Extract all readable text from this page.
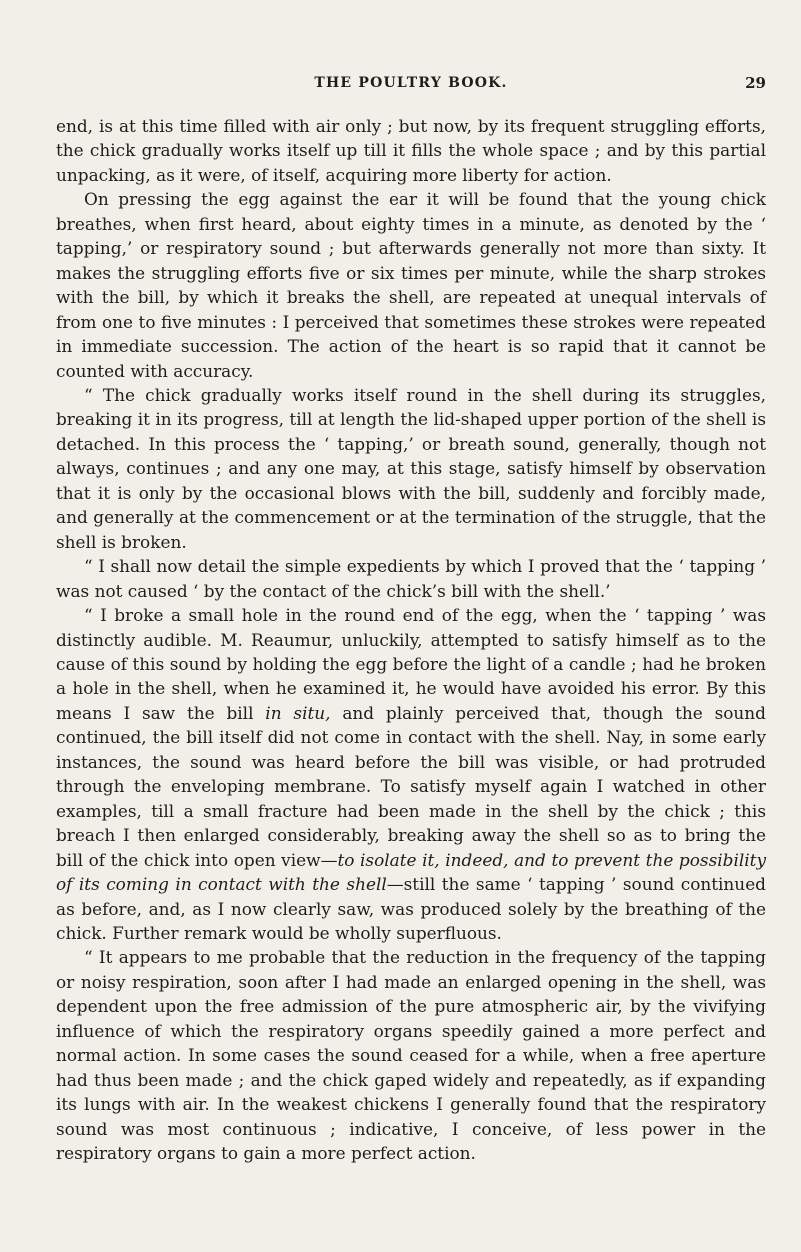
THE POULTRY BOOK.	29

end, is at this time filled with air only ; but now, by its frequent struggling efforts, the chick gradually works itself up till it fills the whole space ; and by this partial unpacking, as it were, of itself, acquiring more liberty for action.

On pressing the egg against the ear it will be found that the young chick breathes, when first heard, about eighty times in a minute, as denoted by the ‘ tapping,’ or respiratory sound ; but afterwards generally not more than sixty. It makes the struggling efforts five or six times per minute, while the sharp strokes with the bill, by which it breaks the shell, are repeated at unequal intervals of from one to five minutes : I perceived that sometimes these strokes were repeated in immediate succession. The action of the heart is so rapid that it cannot be counted with accuracy.

“ The chick gradually works itself round in the shell during its struggles, breaking it in its progress, till at length the lid-shaped upper portion of the shell is detached. In this process the ‘ tapping,’ or breath sound, generally, though not always, continues ; and any one may, at this stage, satisfy himself by observation that it is only by the occasional blows with the bill, suddenly and forcibly made, and generally at the commencement or at the termination of the struggle, that the shell is broken.

“ I shall now detail the simple expedients by which I proved that the ‘ tapping ’ was not caused ‘ by the contact of the chick’s bill with the shell.’

“ I broke a small hole in the round end of the egg, when the ‘ tapping ’ was distinctly audible. M. Reaumur, unluckily, attempted to satisfy himself as to the cause of this sound by holding the egg before the light of a candle ; had he broken a hole in the shell, when he examined it, he would have avoided his error. By this means I saw the bill in situ, and plainly perceived that, though the sound continued, the bill itself did not come in contact with the shell. Nay, in some early instances, the sound was heard before the bill was visible, or had protruded through the enveloping membrane. To satisfy myself again I watched in other examples, till a small fracture had been made in the shell by the chick ; this breach I then enlarged considerably, breaking away the shell so as to bring the bill of the chick into open view—to isolate it, indeed, and to prevent the possibility of its coming in contact with the shell—still the same ‘ tapping ’ sound continued as before, and, as I now clearly saw, was produced solely by the breathing of the chick. Further remark would be wholly superfluous.

“ It appears to me probable that the reduction in the frequency of the tapping or noisy respiration, soon after I had made an enlarged opening in the shell, was dependent upon the free admission of the pure atmospheric air, by the vivifying influence of which the respiratory organs speedily gained a more perfect and normal action. In some cases the sound ceased for a while, when a free aperture had thus been made ; and the chick gaped widely and repeatedly, as if expanding its lungs with air. In the weakest chickens I generally found that the respiratory sound was most continuous ; indicative, I conceive, of less power in the respiratory organs to gain a more perfect action.
